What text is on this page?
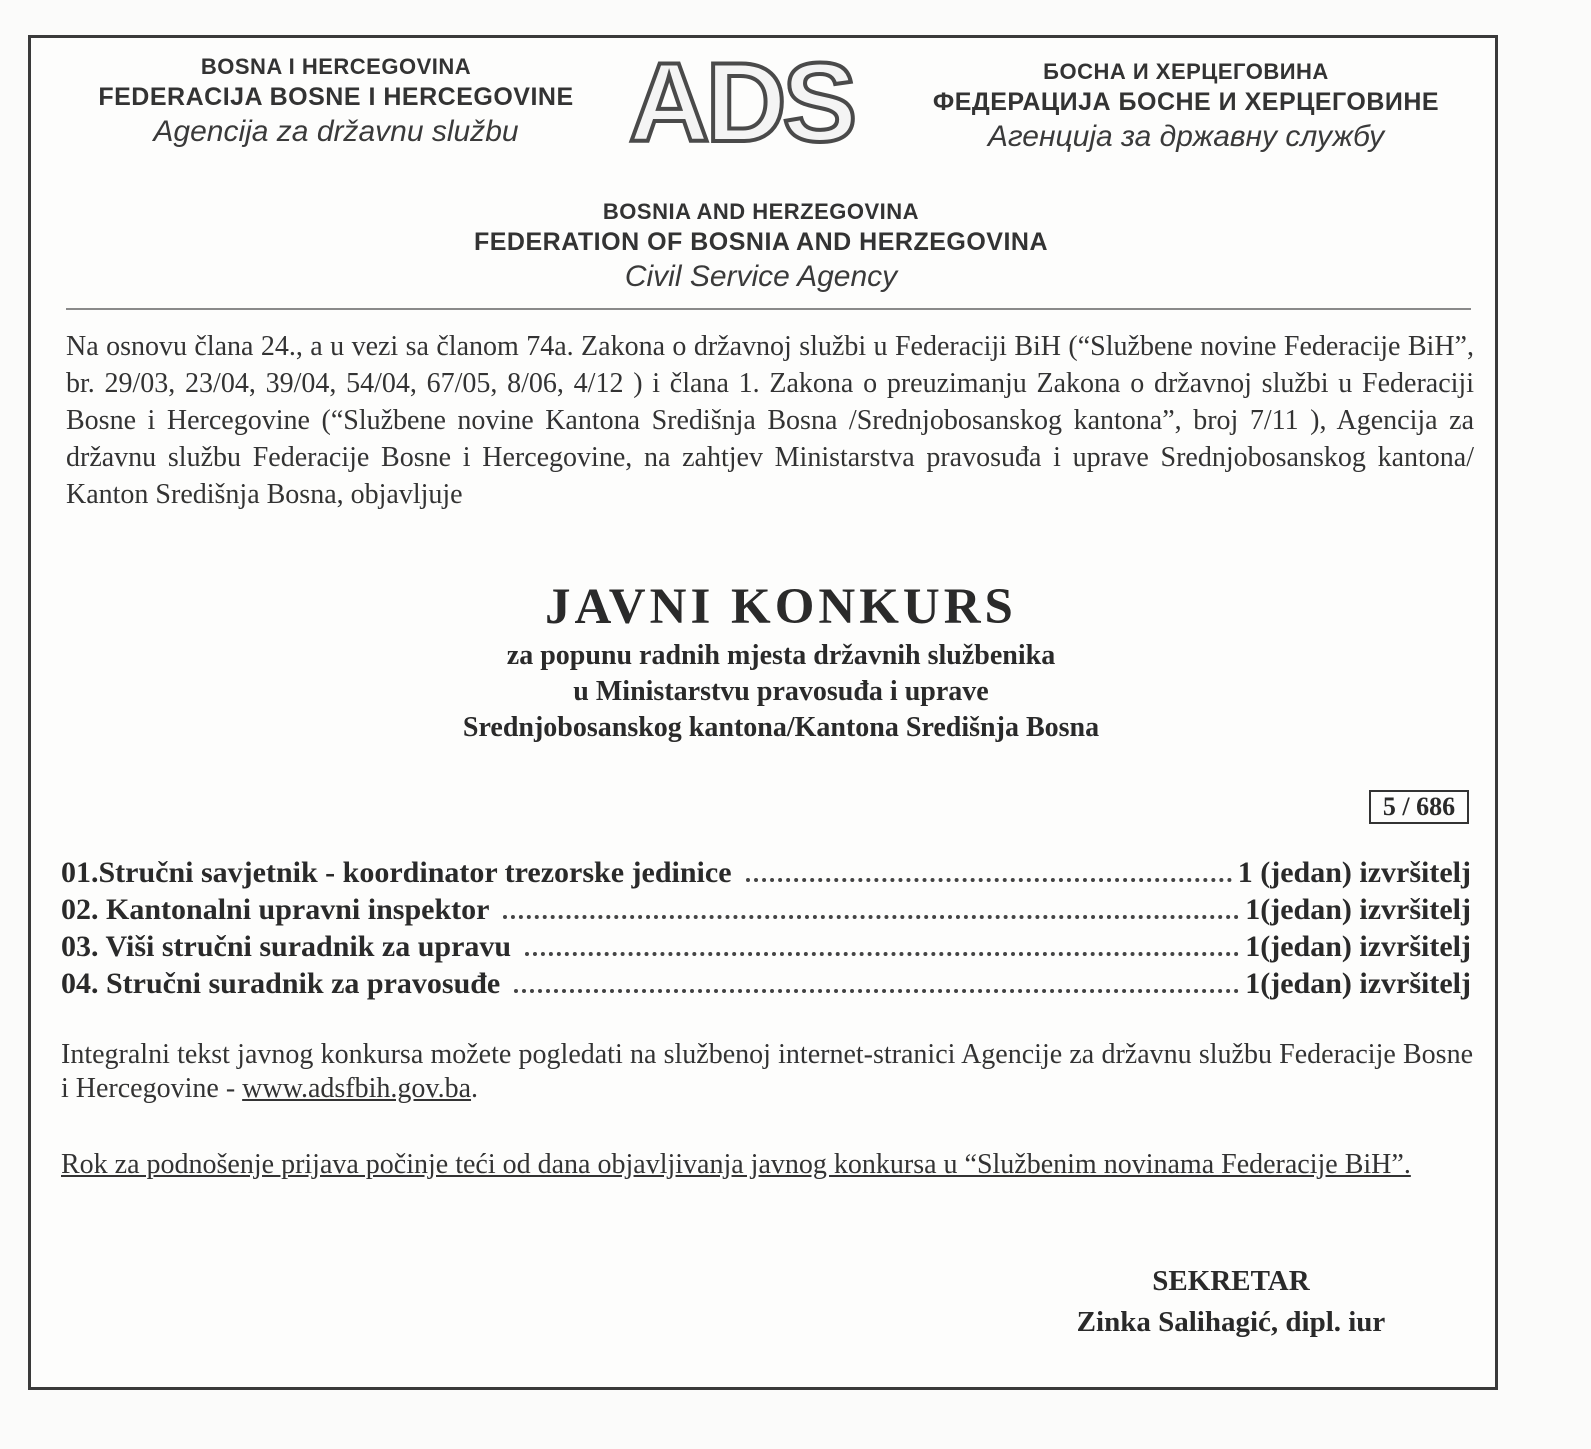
BOSNA I HERCEGOVINA
FEDERACIJA BOSNE I HERCEGOVINE
Agencija za državnu službu ADS	БОСНА И ХЕРЦЕГОВИНА
ФЕДЕРАЦИЈА БОСНЕ И ХЕРЦЕГОВИНЕ
Агенција за државну службу
BOSNIA AND HERZEGOVINA
FEDERATION OF BOSNIA AND HERZEGOVINA
Civil Service Agency
Na osnovu člana 24., a u vezi sa članom 74a. Zakona o državnoj službi u Federaciji BiH (“Službene novine Federacije BiH”, br. 29/03, 23/04, 39/04, 54/04, 67/05, 8/06, 4/12 ) i člana 1. Zakona o preuzimanju Zakona o državnoj službi u Federaciji Bosne i Hercegovine (“Službene novine Kantona Središnja Bosna /Srednjobosanskog kantona”, broj 7/11 ), Agencija za državnu službu Federacije Bosne i Hercegovine, na zahtjev Ministarstva pravosuđa i uprave Srednjobosanskog kantona/ Kanton Središnja Bosna, objavljuje
JAVNI KONKURS
za popunu radnih mjesta državnih službenika
u Ministarstvu pravosuđa i uprave
Srednjobosanskog kantona/Kantona Središnja Bosna
5 / 686
01.Stručni savjetnik - koordinator trezorske jedinice	1 (jedan) izvršitelj
02. Kantonalni upravni inspektor	1(jedan) izvršitelj
03. Viši stručni suradnik za upravu	1(jedan) izvršitelj
04. Stručni suradnik za pravosuđe	1(jedan) izvršitelj
Integralni tekst javnog konkursa možete pogledati na službenoj internet-stranici Agencije za državnu službu Federacije Bosne i Hercegovine - www.adsfbih.gov.ba.
Rok za podnošenje prijava počinje teći od dana objavljivanja javnog konkursa u “Službenim novinama Federacije BiH”.
SEKRETAR
Zinka Salihagić, dipl. iur
